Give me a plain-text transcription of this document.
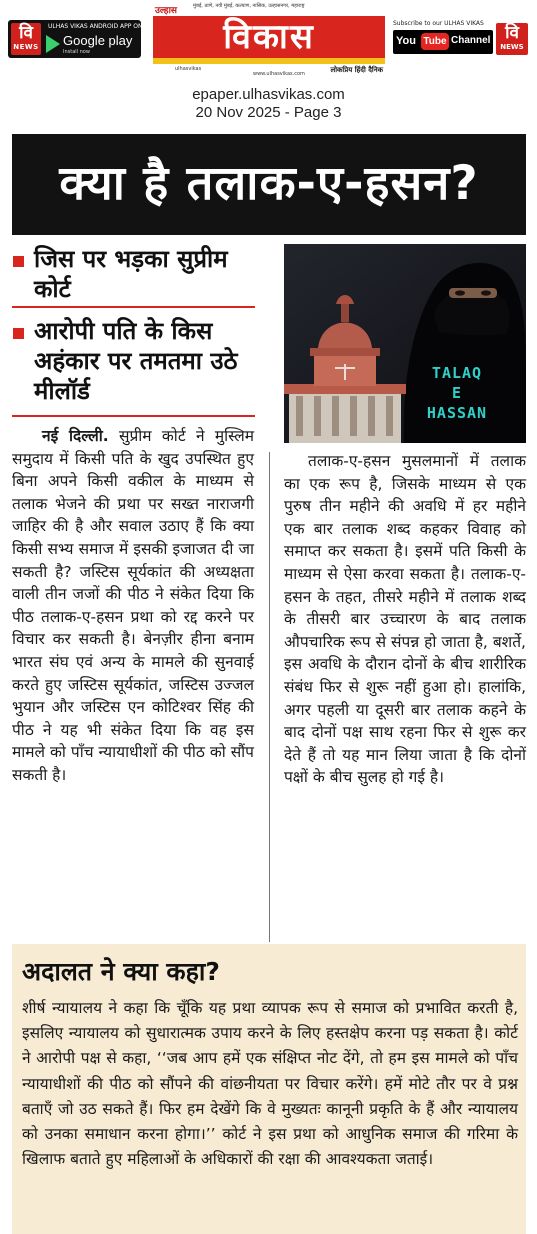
वि
NEWS
ULHAS VIKAS ANDROID APP ON
Google play
Install now
उल्हास	मुंबई, ठाणे, नवी मुंबई, कल्याण, नासिक, उल्हासनगर, महाराष्ट्र
विकास
लोकप्रिय हिंदी दैनिक
ulhasvikas
www.ulhasvikas.com
Subscribe to our ULHAS VIKAS
You Tube Channel वि
NEWS
epaper.ulhasvikas.com
20 Nov 2025 - Page 3
क्या है तलाक-ए-हसन?
जिस पर भड़का सुप्रीम कोर्ट
आरोपी पति के किस अहंकार पर तमतमा उठे मीलॉर्ड
TALAQ
E
HASSAN
नई दिल्ली. सुप्रीम कोर्ट ने मुस्लिम समुदाय में किसी पति के खुद उपस्थित हुए बिना अपने किसी वकील के माध्यम से तलाक भेजने की प्रथा पर सख्त नाराजगी जाहिर की है और सवाल उठाए हैं कि क्या किसी सभ्य समाज में इसकी इजाजत दी जा सकती है? जस्टिस सूर्यकांत की अध्यक्षता वाली तीन जजों की पीठ ने संकेत दिया कि पीठ तलाक-ए-हसन प्रथा को रद्द करने पर विचार कर सकती है। बेनज़ीर हीना बनाम भारत संघ एवं अन्य के मामले की सुनवाई करते हुए जस्टिस सूर्यकांत, जस्टिस उज्जल भुयान और जस्टिस एन कोटिश्वर सिंह की पीठ ने यह भी संकेत दिया कि वह इस मामले को पाँच न्यायाधीशों की पीठ को सौंप सकती है।
तलाक-ए-हसन मुसलमानों में तलाक का एक रूप है, जिसके माध्यम से एक पुरुष तीन महीने की अवधि में हर महीने एक बार तलाक शब्द कहकर विवाह को समाप्त कर सकता है। इसमें पति किसी के माध्यम से ऐसा करवा सकता है। तलाक-ए-हसन के तहत, तीसरे महीने में तलाक शब्द के तीसरी बार उच्चारण के बाद तलाक औपचारिक रूप से संपन्न हो जाता है, बशर्ते, इस अवधि के दौरान दोनों के बीच शारीरिक संबंध फिर से शुरू नहीं हुआ हो। हालांकि, अगर पहली या दूसरी बार तलाक कहने के बाद दोनों पक्ष साथ रहना फिर से शुरू कर देते हैं तो यह मान लिया जाता है कि दोनों पक्षों के बीच सुलह हो गई है।
अदालत ने क्या कहा?
शीर्ष न्यायालय ने कहा कि चूँकि यह प्रथा व्यापक रूप से समाज को प्रभावित करती है, इसलिए न्यायालय को सुधारात्मक उपाय करने के लिए हस्तक्षेप करना पड़ सकता है। कोर्ट ने आरोपी पक्ष से कहा, ‘‘जब आप हमें एक संक्षिप्त नोट देंगे, तो हम इस मामले को पाँच न्यायाधीशों की पीठ को सौंपने की वांछनीयता पर विचार करेंगे। हमें मोटे तौर पर वे प्रश्न बताएँ जो उठ सकते हैं। फिर हम देखेंगे कि वे मुख्यतः कानूनी प्रकृति के हैं और न्यायालय को उनका समाधान करना होगा।’’ कोर्ट ने इस प्रथा को आधुनिक समाज की गरिमा के खिलाफ बताते हुए महिलाओं के अधिकारों की रक्षा की आवश्यकता जताई।
